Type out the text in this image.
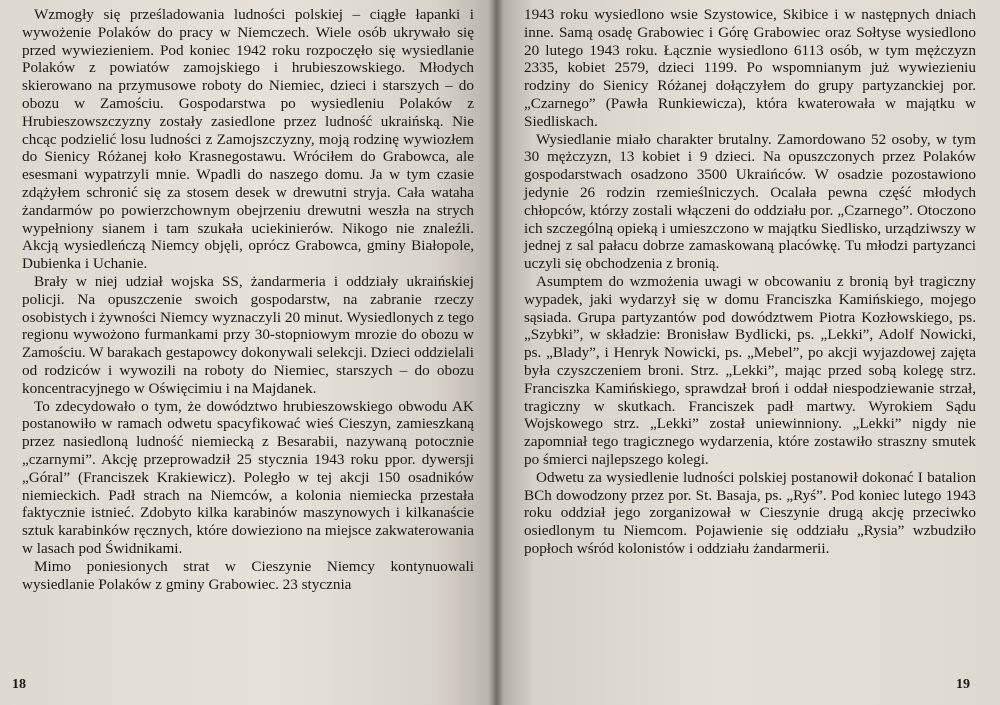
Wzmogły się prześladowania ludności polskiej – ciągłe łapanki i wywożenie Polaków do pracy w Niemczech. Wiele osób ukrywało się przed wywiezieniem. Pod koniec 1942 roku rozpoczęło się wysiedlanie Polaków z powiatów zamojskiego i hrubieszowskiego. Młodych skierowano na przymusowe roboty do Niemiec, dzieci i starszych – do obozu w Zamościu. Gospodarstwa po wysiedleniu Polaków z Hrubieszowszczyzny zostały zasiedlone przez ludność ukraińską. Nie chcąc podzielić losu ludności z Zamojszczyzny, moją rodzinę wywiozłem do Sienicy Różanej koło Krasnegostawu. Wróciłem do Grabowca, ale esesmani wypatrzyli mnie. Wpadli do naszego domu. Ja w tym czasie zdążyłem schronić się za stosem desek w drewutni stryja. Cała wataha żandarmów po powierzchownym obejrzeniu drewutni weszła na strych wypełniony sianem i tam szukała uciekinierów. Nikogo nie znaleźli. Akcją wysiedleńczą Niemcy objęli, oprócz Grabowca, gminy Białopole, Dubienka i Uchanie.

Brały w niej udział wojska SS, żandarmeria i oddziały ukraińskiej policji. Na opuszczenie swoich gospodarstw, na zabranie rzeczy osobistych i żywności Niemcy wyznaczyli 20 minut. Wysiedlonych z tego regionu wywożono furmankami przy 30-stopniowym mrozie do obozu w Zamościu. W barakach gestapowcy dokonywali selekcji. Dzieci oddzielali od rodziców i wywozili na roboty do Niemiec, starszych – do obozu koncentracyjnego w Oświęcimiu i na Majdanek.

To zdecydowało o tym, że dowództwo hrubieszowskiego obwodu AK postanowiło w ramach odwetu spacyfikować wieś Cieszyn, zamieszkaną przez nasiedloną ludność niemiecką z Besarabii, nazywaną potocznie „czarnymi”. Akcję przeprowadził 25 stycznia 1943 roku ppor. dywersji „Góral” (Franciszek Krakiewicz). Poległo w tej akcji 150 osadników niemieckich. Padł strach na Niemców, a kolonia niemiecka przestała faktycznie istnieć. Zdobyto kilka karabinów maszynowych i kilkanaście sztuk karabinków ręcznych, które dowieziono na miejsce zakwaterowania w lasach pod Świdnikami.

Mimo poniesionych strat w Cieszynie Niemcy kontynuowali wysiedlanie Polaków z gminy Grabowiec. 23 stycznia

18

1943 roku wysiedlono wsie Szystowice, Skibice i w następnych dniach inne. Samą osadę Grabowiec i Górę Grabowiec oraz Sołtyse wysiedlono 20 lutego 1943 roku. Łącznie wysiedlono 6113 osób, w tym mężczyzn 2335, kobiet 2579, dzieci 1199. Po wspomnianym już wywiezieniu rodziny do Sienicy Różanej dołączyłem do grupy partyzanckiej por. „Czarnego” (Pawła Runkiewicza), która kwaterowała w majątku w Siedliskach.

Wysiedlanie miało charakter brutalny. Zamordowano 52 osoby, w tym 30 mężczyzn, 13 kobiet i 9 dzieci. Na opuszczonych przez Polaków gospodarstwach osadzono 3500 Ukraińców. W osadzie pozostawiono jedynie 26 rodzin rzemieślniczych. Ocalała pewna część młodych chłopców, którzy zostali włączeni do oddziału por. „Czarnego”. Otoczono ich szczególną opieką i umieszczono w majątku Siedlisko, urządziwszy w jednej z sal pałacu dobrze zamaskowaną placówkę. Tu młodzi partyzanci uczyli się obchodzenia z bronią.

Asumptem do wzmożenia uwagi w obcowaniu z bronią był tragiczny wypadek, jaki wydarzył się w domu Franciszka Kamińskiego, mojego sąsiada. Grupa partyzantów pod dowództwem Piotra Kozłowskiego, ps. „Szybki”, w składzie: Bronisław Bydlicki, ps. „Lekki”, Adolf Nowicki, ps. „Blady”, i Henryk Nowicki, ps. „Mebel”, po akcji wyjazdowej zajęta była czyszczeniem broni. Strz. „Lekki”, mając przed sobą kolegę strz. Franciszka Kamińskiego, sprawdzał broń i oddał niespodziewanie strzał, tragiczny w skutkach. Franciszek padł martwy. Wyrokiem Sądu Wojskowego strz. „Lekki” został uniewinniony. „Lekki” nigdy nie zapomniał tego tragicznego wydarzenia, które zostawiło straszny smutek po śmierci najlepszego kolegi.

Odwetu za wysiedlenie ludności polskiej postanowił dokonać I batalion BCh dowodzony przez por. St. Basaja, ps. „Ryś”. Pod koniec lutego 1943 roku oddział jego zorganizował w Cieszynie drugą akcję przeciwko osiedlonym tu Niemcom. Pojawienie się oddziału „Rysia” wzbudziło popłoch wśród kolonistów i oddziału żandarmerii.

19
